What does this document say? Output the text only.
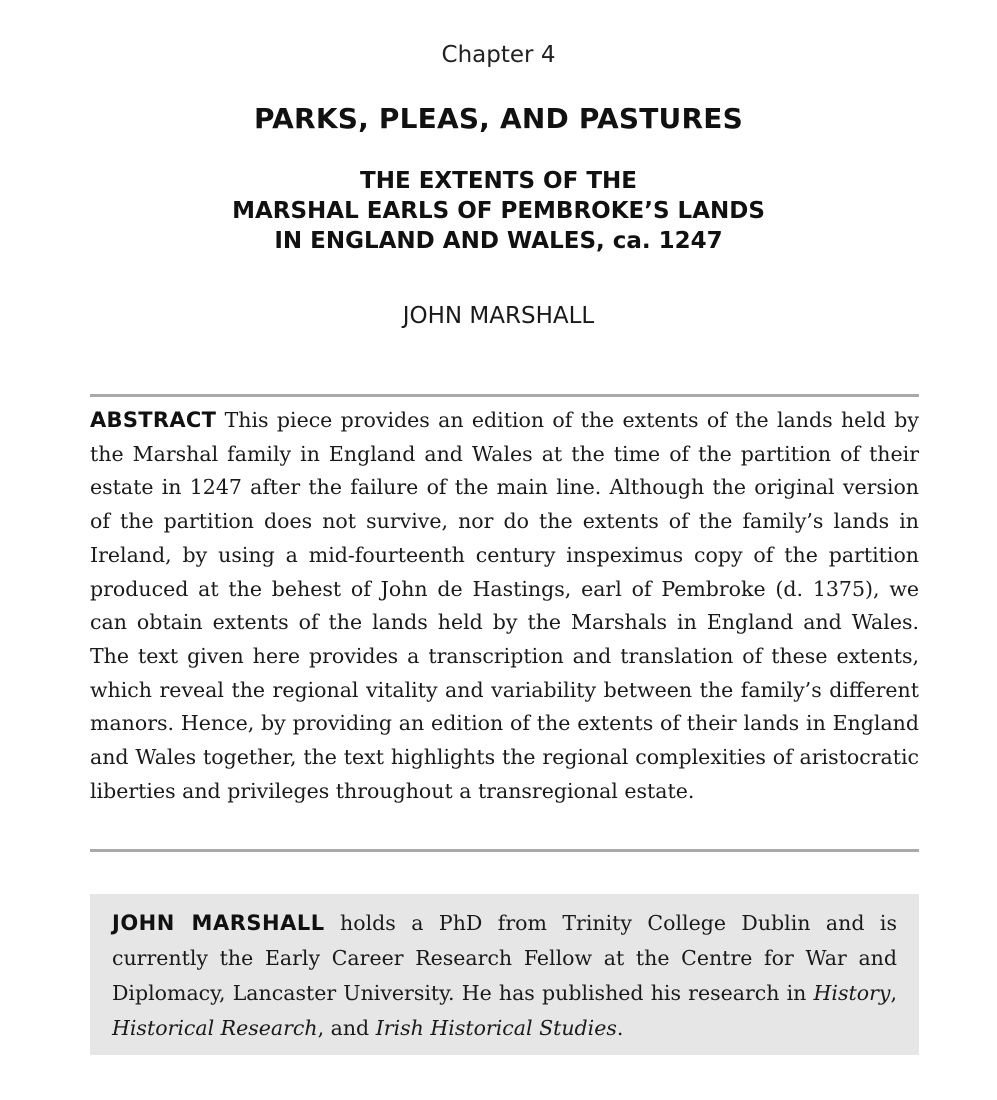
Chapter 4
PARKS, PLEAS, AND PASTURES
THE EXTENTS OF THE
MARSHAL EARLS OF PEMBROKE’S LANDS
IN ENGLAND AND WALES, ca. 1247
JOHN MARSHALL
ABSTRACT This piece provides an edition of the extents of the lands held by the Marshal family in England and Wales at the time of the partition of their estate in 1247 after the failure of the main line. Although the original version of the partition does not survive, nor do the extents of the family’s lands in Ireland, by using a mid-fourteenth century inspeximus copy of the partition produced at the behest of John de Hastings, earl of Pembroke (d. 1375), we can obtain extents of the lands held by the Marshals in England and Wales. The text given here provides a transcription and translation of these extents, which reveal the regional vitality and variability between the family’s different manors. Hence, by providing an edition of the extents of their lands in England and Wales together, the text highlights the regional complexities of aristocratic liberties and privileges throughout a transregional estate.
JOHN MARSHALL holds a PhD from Trinity College Dublin and is currently the Early Career Research Fellow at the Centre for War and Diplomacy, Lancaster University. He has published his research in History, Historical Research, and Irish Historical Studies.
